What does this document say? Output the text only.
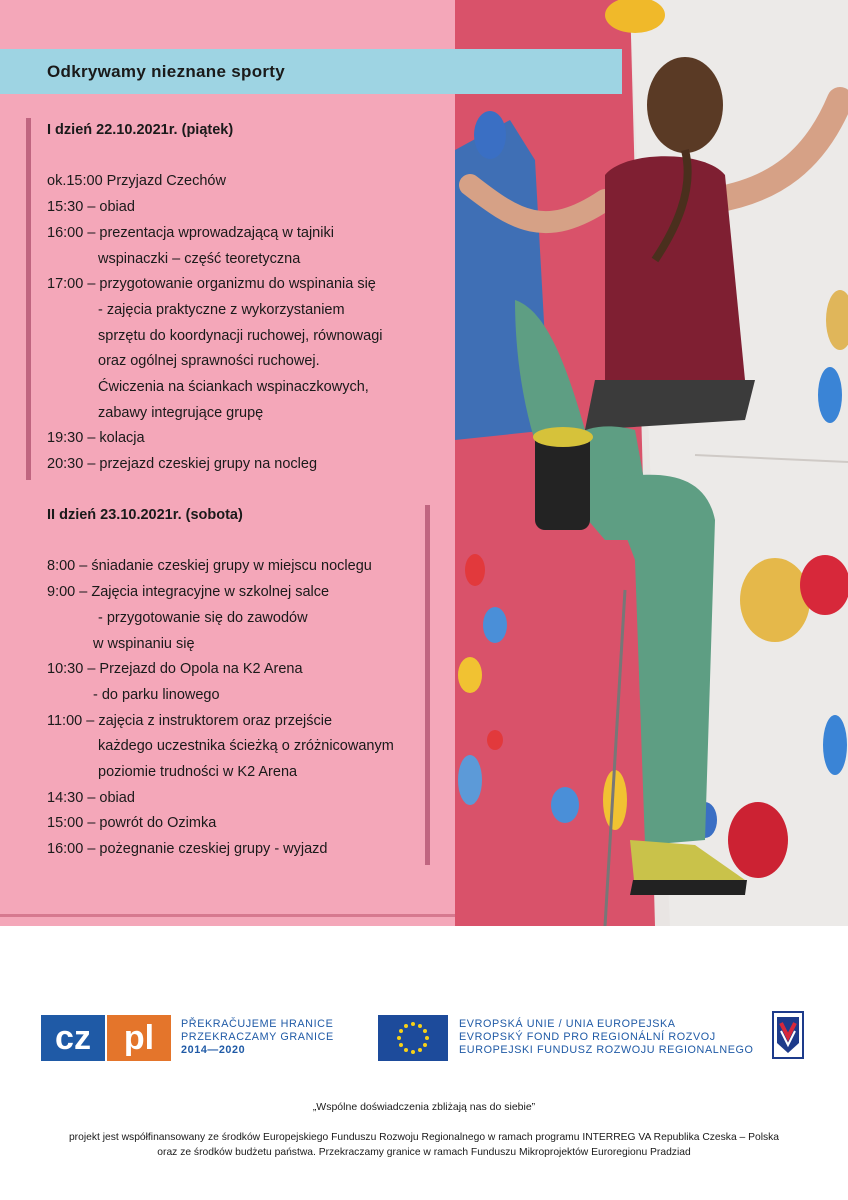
Odkrywamy nieznane sporty
I dzień 22.10.2021r. (piątek)
ok.15:00 Przyjazd Czechów
15:30 – obiad
16:00 – prezentacja wprowadzającą w tajniki
wspinaczki – część teoretyczna
17:00 – przygotowanie organizmu do wspinania się
- zajęcia praktyczne z wykorzystaniem
sprzętu do koordynacji ruchowej, równowagi
oraz ogólnej sprawności ruchowej.
Ćwiczenia na ściankach wspinaczkowych,
zabawy integrujące grupę
19:30 – kolacja
20:30 – przejazd czeskiej grupy na nocleg
II dzień 23.10.2021r. (sobota)
8:00 – śniadanie czeskiej grupy w miejscu noclegu
9:00 – Zajęcia integracyjne w szkolnej salce
- przygotowanie się do zawodów
w wspinaniu się
10:30 – Przejazd do Opola na K2 Arena
- do parku linowego
11:00 – zajęcia z instruktorem oraz przejście
każdego uczestnika ścieżką o zróżnicowanym
poziomie trudności w K2 Arena
14:30 – obiad
15:00 – powrót do Ozimka
16:00 – pożegnanie czeskiej grupy - wyjazd
cz pl	PŘEKRAČUJEME HRANICE
PRZEKRACZAMY GRANICE
2014—2020
EVROPSKÁ UNIE / UNIA EUROPEJSKA
EVROPSKÝ FOND PRO REGIONÁLNÍ ROZVOJ
EUROPEJSKI FUNDUSZ ROZWOJU REGIONALNEGO
„Wspólne doświadczenia zbliżają nas do siebie”
projekt jest współfinansowany ze środków Europejskiego Funduszu Rozwoju Regionalnego w ramach programu INTERREG VA Republika Czeska – Polska
oraz ze środków budżetu państwa. Przekraczamy granice w ramach Funduszu Mikroprojektów Euroregionu Pradziad
